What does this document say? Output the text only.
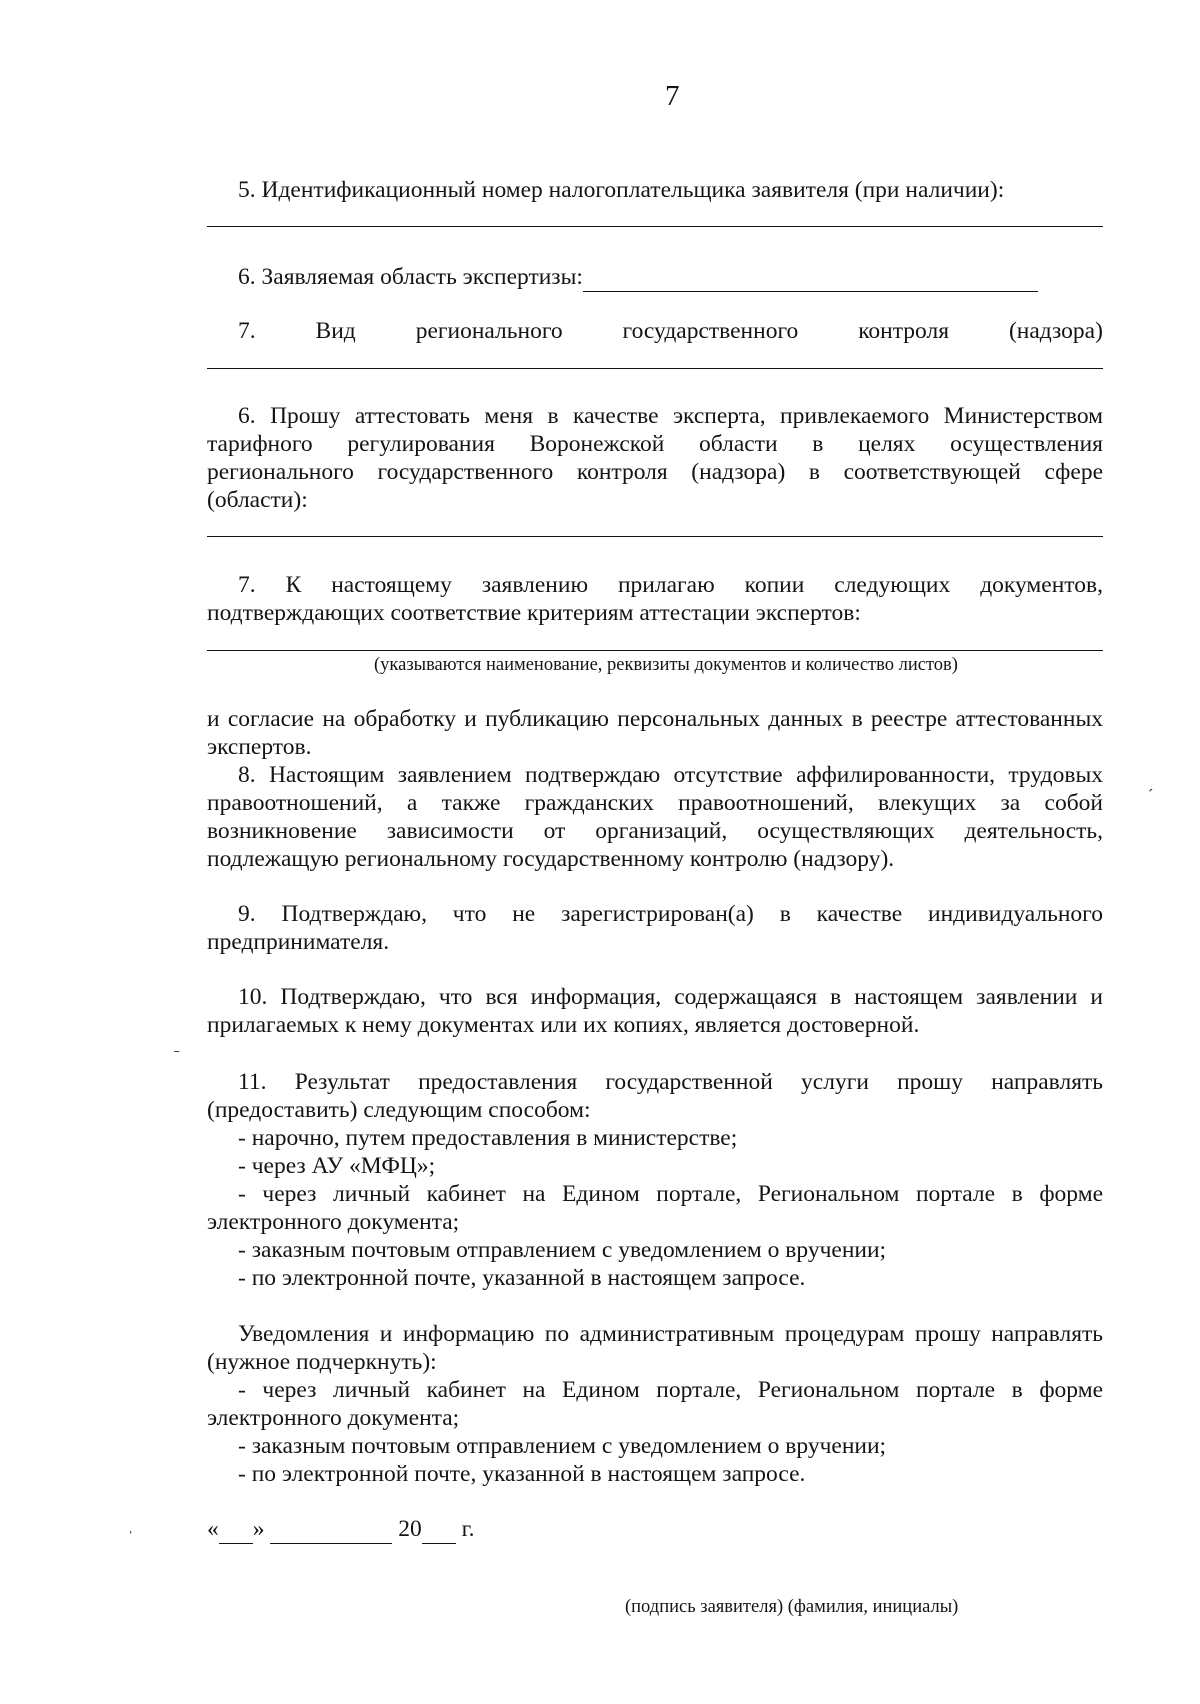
7
5. Идентификационный номер налогоплательщика заявителя (при наличии):
6. Заявляемая область экспертизы:
7.	Вид	регионального	государственного	контроля	(надзора)
6. Прошу аттестовать меня в качестве эксперта, привлекаемого Министерством
тарифного регулирования Воронежской области в целях осуществления
регионального государственного контроля (надзора) в соответствующей сфере
(области):
7. К настоящему заявлению прилагаю копии следующих документов,
подтверждающих соответствие критериям аттестации экспертов:
(указываются наименование, реквизиты документов и количество листов)
и согласие на обработку и публикацию персональных данных в реестре аттестованных
экспертов.
8. Настоящим заявлением подтверждаю отсутствие аффилированности, трудовых
правоотношений, а также гражданских правоотношений, влекущих за собой
возникновение зависимости от организаций, осуществляющих деятельность,
подлежащую региональному государственному контролю (надзору).
9. Подтверждаю, что не зарегистрирован(а) в качестве индивидуального
предпринимателя.
10. Подтверждаю, что вся информация, содержащаяся в настоящем заявлении и
прилагаемых к нему документах или их копиях, является достоверной.
11. Результат предоставления государственной услуги прошу направлять
(предоставить) следующим способом:
- нарочно, путем предоставления в министерстве;
- через АУ «МФЦ»;
- через личный кабинет на Едином портале, Региональном портале в форме
электронного документа;
- заказным почтовым отправлением с уведомлением о вручении;
- по электронной почте, указанной в настоящем запросе.
Уведомления и информацию по административным процедурам прошу направлять
(нужное подчеркнуть):
- через личный кабинет на Едином портале, Региональном портале в форме
электронного документа;
- заказным почтовым отправлением с уведомлением о вручении;
- по электронной почте, указанной в настоящем запросе.
« »	20 г.
(подпись заявителя) (фамилия, инициалы)
ˍ
ˊ
ˈ
